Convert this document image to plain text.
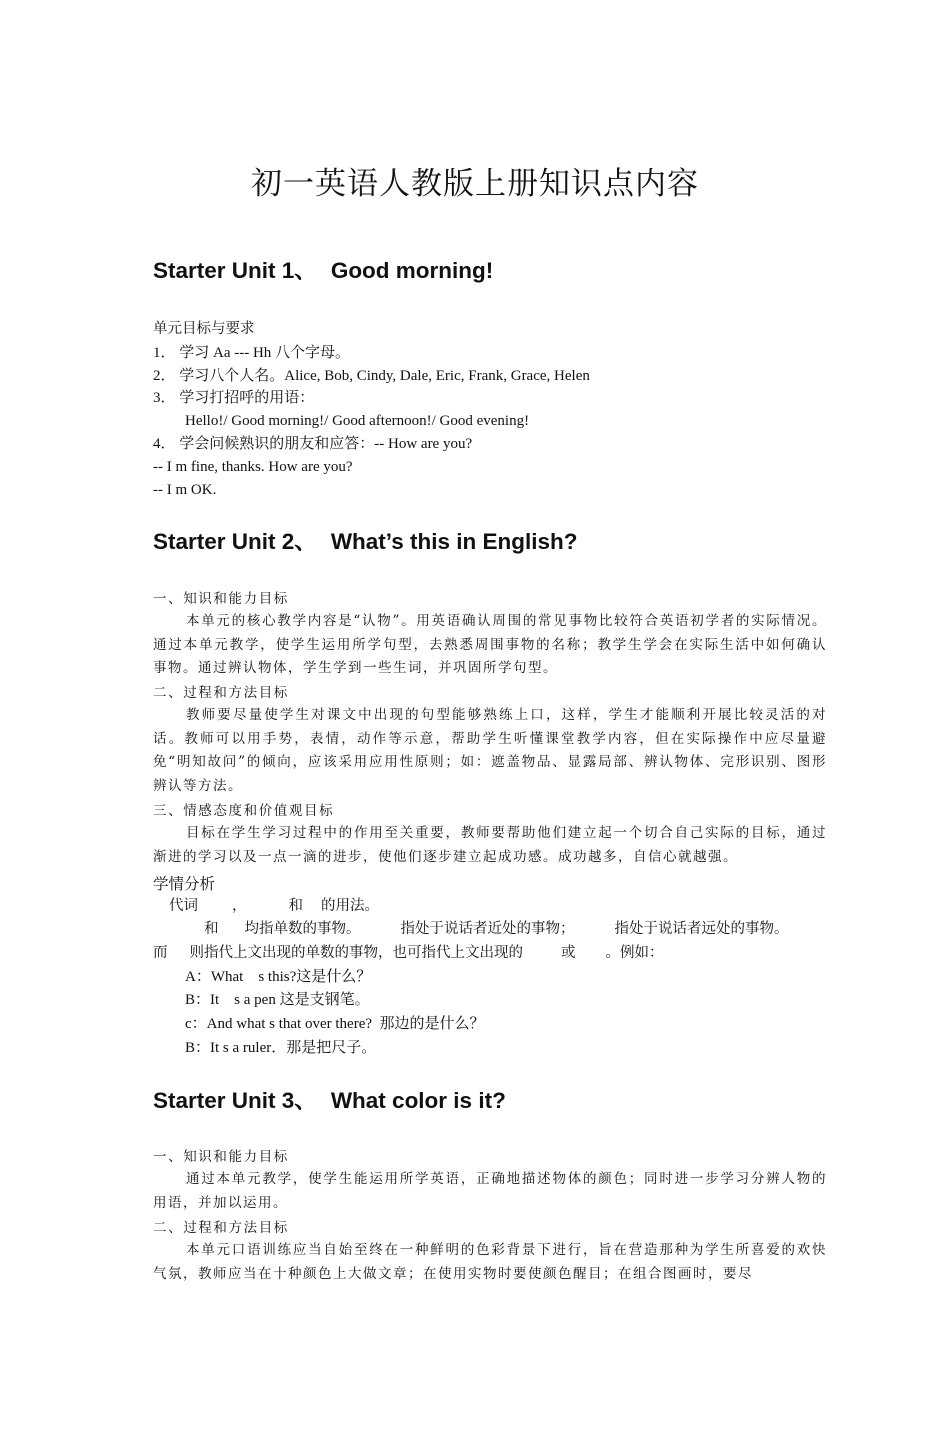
初一英语人教版上册知识点内容
Starter Unit 1、 Good morning!
单元目标与要求
1． 学习 Aa --- Hh 八个字母。
2． 学习八个人名。Alice, Bob, Cindy, Dale, Eric, Frank, Grace, Helen
3． 学习打招呼的用语：
Hello!/ Good morning!/ Good afternoon!/ Good evening!
4． 学会问候熟识的朋友和应答：-- How are you?
-- I m fine, thanks. How are you?
-- I m OK.
Starter Unit 2、 What’s this in English?
一、知识和能力目标
本单元的核心教学内容是“认物”。用英语确认周围的常见事物比较符合英语初学者的实际情况。通过本单元教学，使学生运用所学句型，去熟悉周围事物的名称；教学生学会在实际生活中如何确认事物。通过辨认物体，学生学到一些生词，并巩固所学句型。
二、过程和方法目标
教师要尽量使学生对课文中出现的句型能够熟练上口，这样，学生才能顺利开展比较灵活的对话。教师可以用手势，表情，动作等示意，帮助学生听懂课堂教学内容，但在实际操作中应尽量避免“明知故问”的倾向，应该采用应用性原则；如：遮盖物品、显露局部、辨认物体、完形识别、图形辨认等方法。
三、情感态度和价值观目标
目标在学生学习过程中的作用至关重要，教师要帮助他们建立起一个切合自己实际的目标，通过渐进的学习以及一点一滴的进步，使他们逐步建立起成功感。成功越多，自信心就越强。
学情分析
代词 ，	和 的用法。
和 均指单数的事物。	指处于说话者近处的事物；	指处于说话者远处的事物。
而 则指代上文出现的单数的事物，也可指代上文出现的	或 。例如：
A：What    s this?这是什么？
B：It    s a pen 这是支钢笔。
c：And what s that over there?  那边的是什么？
B：It s a ruler．那是把尺子。
Starter Unit 3、 What color is it?
一、知识和能力目标
通过本单元教学，使学生能运用所学英语，正确地描述物体的颜色；同时进一步学习分辨人物的用语，并加以运用。
二、过程和方法目标
本单元口语训练应当自始至终在一种鲜明的色彩背景下进行，旨在营造那种为学生所喜爱的欢快气氛，教师应当在十种颜色上大做文章；在使用实物时要使颜色醒目；在组合图画时，要尽
